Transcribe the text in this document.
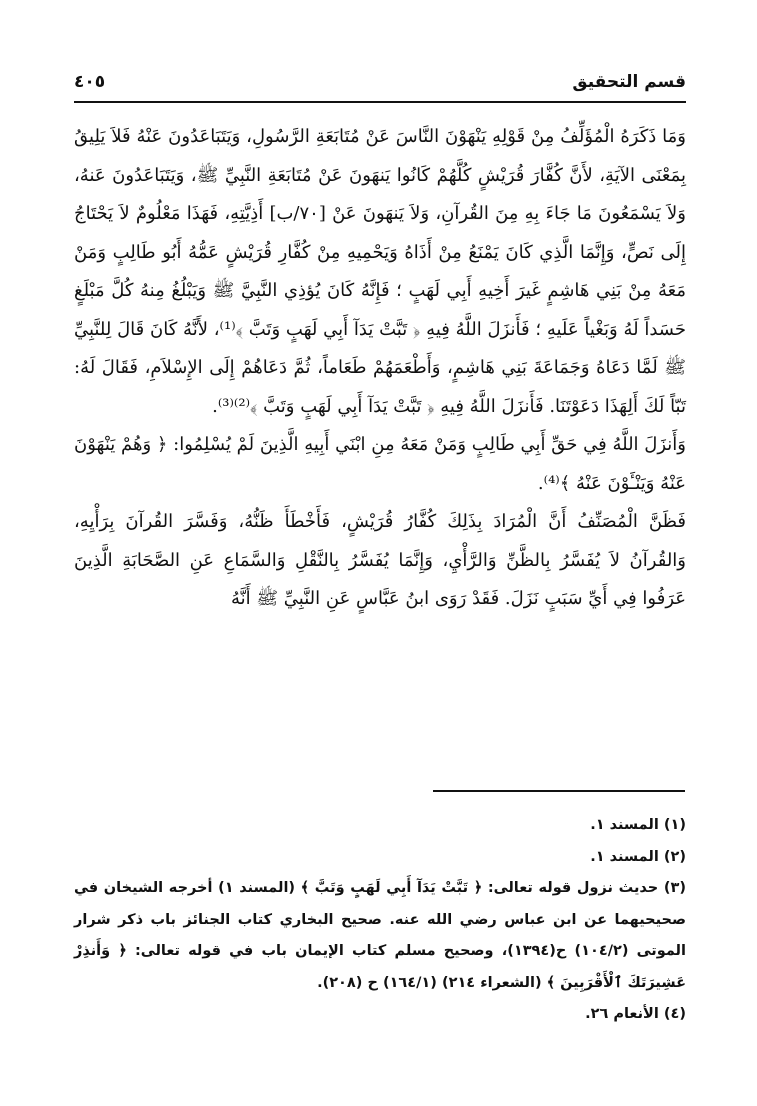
قسم التحقيق
٤٠٥

وَمَا ذَكَرَهُ الْمُؤَلِّفُ مِنْ قَوْلِهِ يَنْهَوْنَ النَّاسَ عَنْ مُتَابَعَةِ الرَّسُولِ، وَيَتَبَاعَدُونَ عَنْهُ فَلاَ يَلِيقُ بِمَعْنَى الآيَةِ، لأَنَّ كُفَّارَ قُرَيْشٍ كُلَّهُمْ كَانُوا يَنهَونَ عَنْ مُتَابَعَةِ النَّبِيِّ ﷺ، وَيَتَبَاعَدُونَ عَنهُ، وَلاَ يَسْمَعُونَ مَا جَاءَ بِهِ مِنَ القُرآنِ، وَلاَ يَنهَونَ عَنْ [٧٠/ب] أَذِيَّتِهِ، فَهَذَا مَعْلُومٌ لاَ يَحْتَاجُ إِلَى نَصٍّ، وَإِنَّمَا الَّذِي كَانَ يَمْنَعُ مِنْ أَذَاهُ وَيَحْمِيهِ مِنْ كُفَّارِ قُرَيْشٍ عَمُّهُ أَبُو طَالِبٍ وَمَنْ مَعَهُ مِنْ بَنِي هَاشِمٍ غَيرَ أَخِيهِ أَبِي لَهَبٍ ؛ فَإِنَّهُ كَانَ يُؤذِي النَّبِيَّ ﷺ وَيَبْلُغُ مِنهُ كُلَّ مَبْلَغٍ حَسَداً لَهُ وَبَغْياً عَلَيهِ ؛ فَأَنزَلَ اللَّهُ فِيهِ ﴿ تَبَّتْ يَدَآ أَبِي لَهَبٍ وَتَبَّ ﴾⁽¹⁾، لأَنَّهُ كَانَ قَالَ لِلنَّبِيِّ ﷺ لَمَّا دَعَاهُ وَجَمَاعَةَ بَنِي هَاشِمٍ، وَأَطْعَمَهُمْ طَعَاماً، ثُمَّ دَعَاهُمْ إِلَى الإِسْلاَمِ، فَقَالَ لَهُ: تَبّاً لَكَ أَلِهَذَا دَعَوْتَنَا. فَأَنزَلَ اللَّهُ فِيهِ ﴿ تَبَّتْ يَدَآ أَبِي لَهَبٍ وَتَبَّ ﴾⁽²⁾⁽³⁾.

وَأَنزَلَ اللَّهُ فِي حَقِّ أَبِي طَالِبٍ وَمَنْ مَعَهُ مِنِ ابْنَي أَبِيهِ الَّذِينَ لَمْ يُسْلِمُوا: ﴿ وَهُمْ يَنْهَوْنَ عَنْهُ وَيَنْـَٔوْنَ عَنْهُ ﴾⁽⁴⁾.

فَظَنَّ الْمُصَنِّفُ أَنَّ الْمُرَادَ بِذَلِكَ كُفَّارُ قُرَيْشٍ، فَأَخْطَأَ ظَنُّهُ، وَفَسَّرَ القُرآنَ بِرَأْيِهِ، وَالقُرآنُ لاَ يُفَسَّرُ بِالظَّنِّ وَالرَّأْيِ، وَإِنَّمَا يُفَسَّرُ بِالنَّقْلِ وَالسَّمَاعِ عَنِ الصَّحَابَةِ الَّذِينَ عَرَفُوا فِي أَيِّ سَبَبٍ نَزَلَ. فَقَدْ رَوَى ابنُ عَبَّاسٍ عَنِ النَّبِيِّ ﷺ أَنَّهُ

(١) المسند ١.

(٢) المسند ١.

(٣) حديث نزول قوله تعالى: ﴿ تَبَّتْ يَدَآ أَبِي لَهَبٍ وَتَبَّ ﴾ (المسند ١) أخرجه الشيخان في صحيحيهما عن ابن عباس رضي الله عنه. صحيح البخاري كتاب الجنائز باب ذكر شرار الموتى (١٠٤/٢) ح(١٣٩٤)، وصحيح مسلم كتاب الإيمان باب في قوله تعالى: ﴿ وَأَنذِرْ عَشِيرَتَكَ ٱلْأَقْرَبِينَ ﴾ (الشعراء ٢١٤) (١٦٤/١) ح (٢٠٨).

(٤) الأنعام ٢٦.
